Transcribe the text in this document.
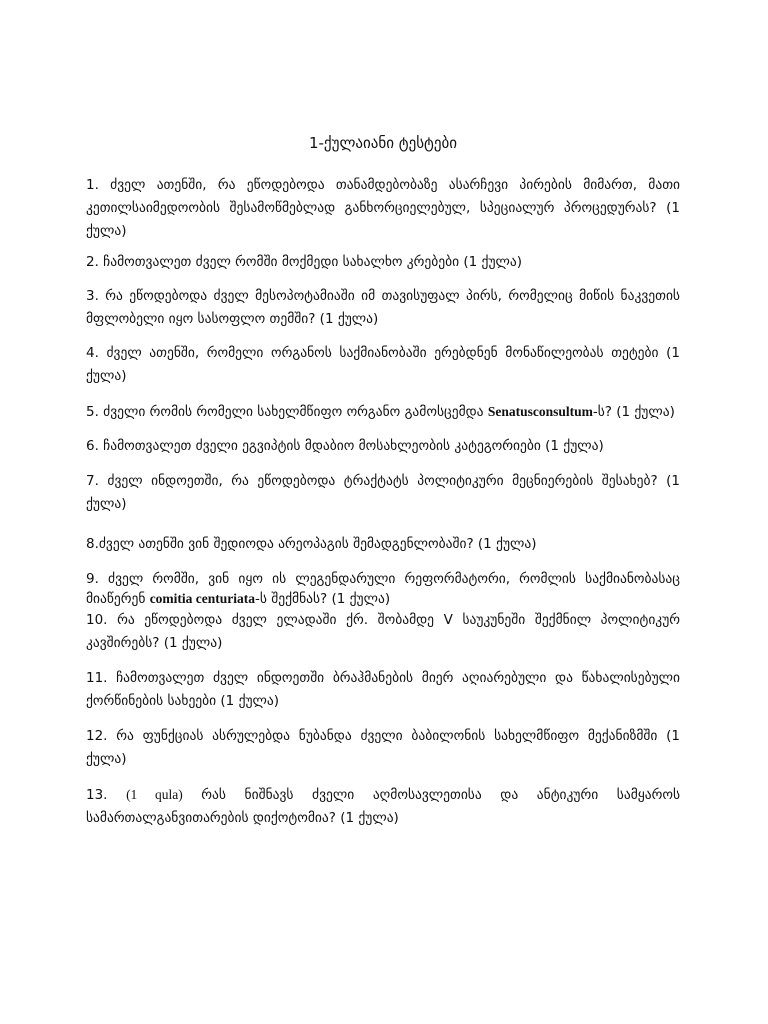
1-ქულაიანი ტესტები

1. ძველ ათენში, რა ეწოდებოდა თანამდებობაზე ასარჩევი პირების მიმართ, მათი კეთილსაიმედოობის შესამოწმებლად განხორციელებულ, სპეციალურ პროცედურას? (1 ქულა)

2. ჩამოთვალეთ ძველ რომში მოქმედი სახალხო კრებები (1 ქულა)

3. რა ეწოდებოდა ძველ მესოპოტამიაში იმ თავისუფალ პირს, რომელიც მიწის ნაკვეთის მფლობელი იყო სასოფლო თემში? (1 ქულა)

4. ძველ ათენში, რომელი ორგანოს საქმიანობაში ერებდნენ მონაწილეობას თეტები (1 ქულა)

5. ძველი რომის რომელი სახელმწიფო ორგანო გამოსცემდა Senatusconsultum-ს? (1 ქულა)

6. ჩამოთვალეთ ძველი ეგვიპტის მდაბიო მოსახლეობის კატეგორიები (1 ქულა)

7. ძველ ინდოეთში, რა ეწოდებოდა ტრაქტატს პოლიტიკური მეცნიერების შესახებ? (1 ქულა)

8.ძველ ათენში ვინ შედიოდა არეოპაგის შემადგენლობაში? (1 ქულა)

9. ძველ რომში, ვინ იყო ის ლეგენდარული რეფორმატორი, რომლის საქმიანობასაც მიაწერენ comitia centuriata-ს შექმნას? (1 ქულა)

10. რა ეწოდებოდა ძველ ელადაში ქრ. შობამდე V საუკუნეში შექმნილ პოლიტიკურ კავშირებს? (1 ქულა)

11. ჩამოთვალეთ ძველ ინდოეთში ბრაჰმანების მიერ აღიარებული და წახალისებული ქორწინების სახეები (1 ქულა)

12. რა ფუნქციას ასრულებდა ნუბანდა ძველი ბაბილონის სახელმწიფო მექანიზმში (1 ქულა)

13. (1 qula) რას ნიშნავს ძველი აღმოსავლეთისა და ანტიკური სამყაროს სამართალგანვითარების დიქოტომია? (1 ქულა)
